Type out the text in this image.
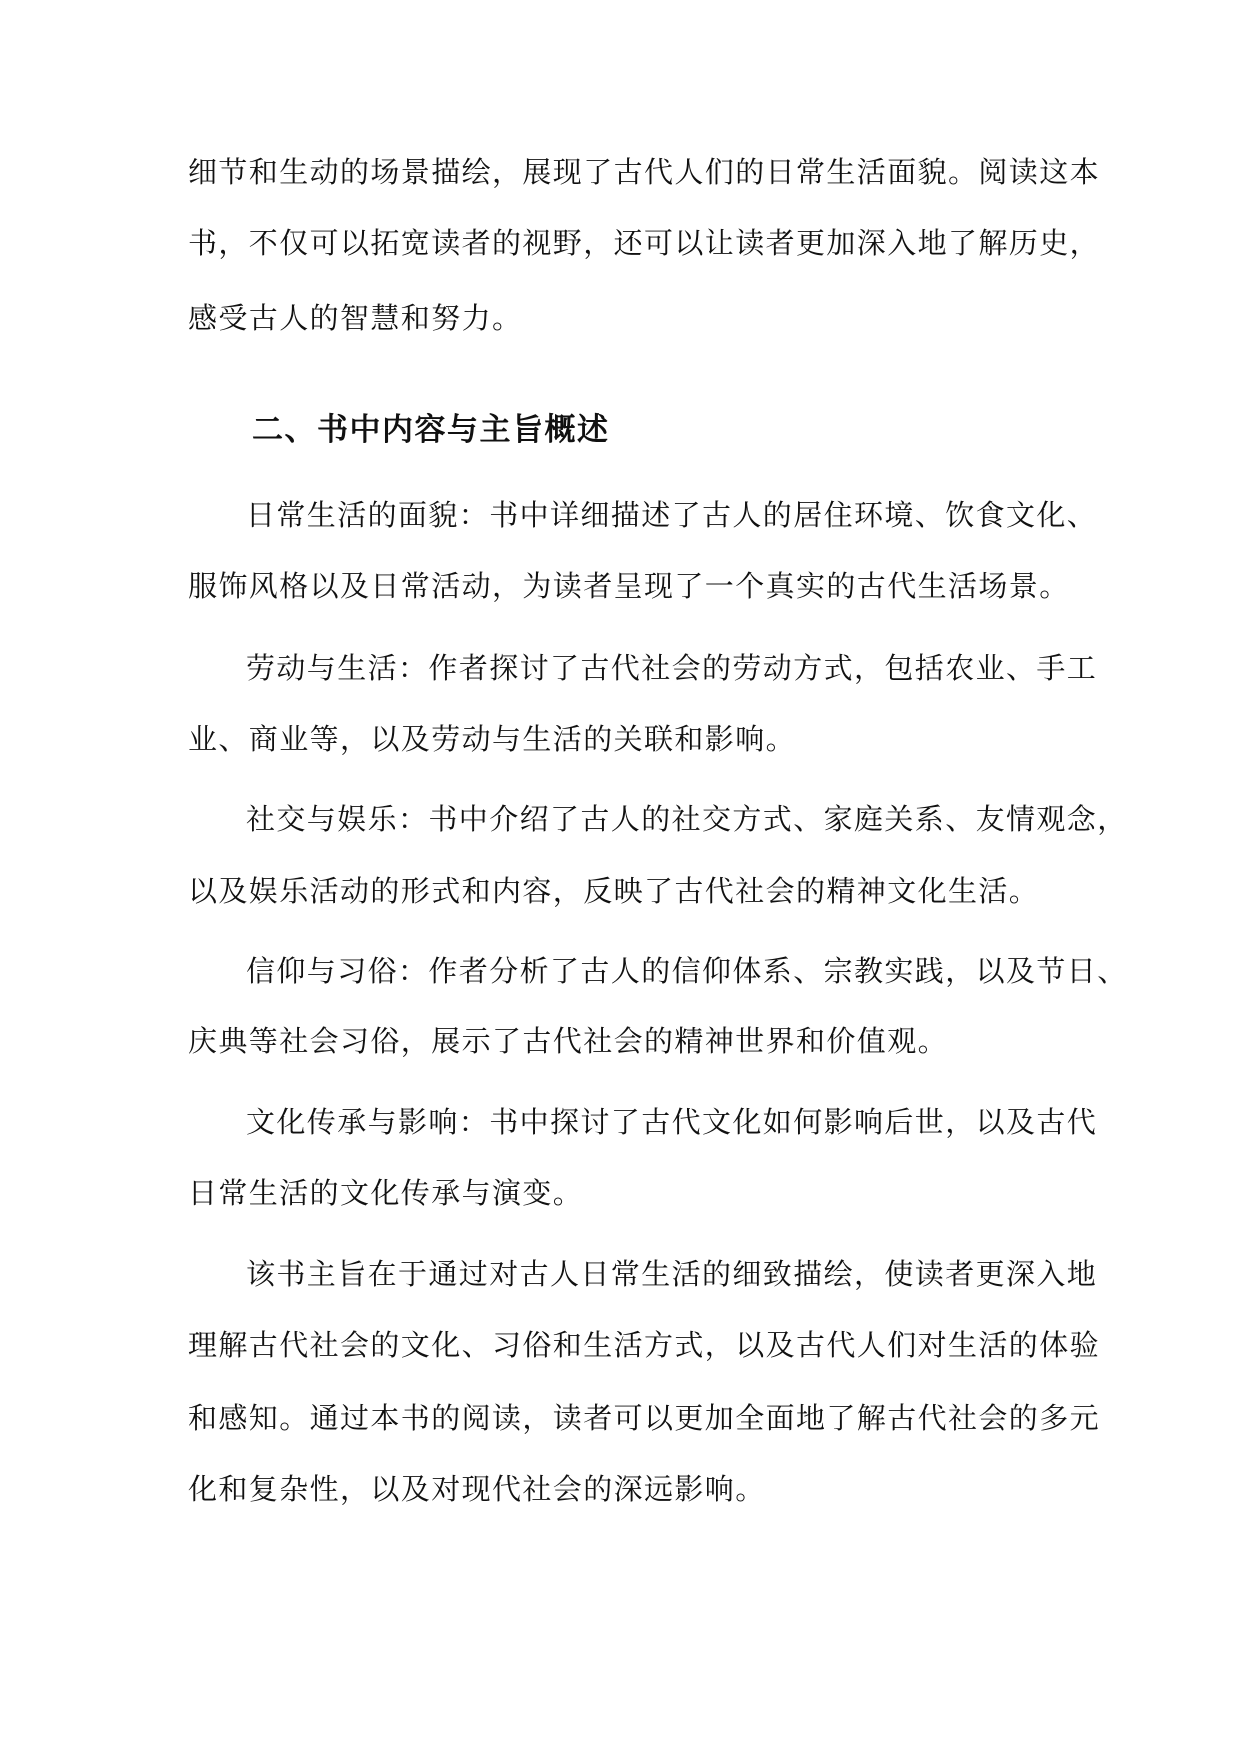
细节和生动的场景描绘，展现了古代人们的日常生活面貌。阅读这本
书，不仅可以拓宽读者的视野，还可以让读者更加深入地了解历史，
感受古人的智慧和努力。
二、书中内容与主旨概述
日常生活的面貌：书中详细描述了古人的居住环境、饮食文化、
服饰风格以及日常活动，为读者呈现了一个真实的古代生活场景。
劳动与生活：作者探讨了古代社会的劳动方式，包括农业、手工
业、商业等，以及劳动与生活的关联和影响。
社交与娱乐：书中介绍了古人的社交方式、家庭关系、友情观念，
以及娱乐活动的形式和内容，反映了古代社会的精神文化生活。
信仰与习俗：作者分析了古人的信仰体系、宗教实践，以及节日、
庆典等社会习俗，展示了古代社会的精神世界和价值观。
文化传承与影响：书中探讨了古代文化如何影响后世，以及古代
日常生活的文化传承与演变。
该书主旨在于通过对古人日常生活的细致描绘，使读者更深入地
理解古代社会的文化、习俗和生活方式，以及古代人们对生活的体验
和感知。通过本书的阅读，读者可以更加全面地了解古代社会的多元
化和复杂性，以及对现代社会的深远影响。
